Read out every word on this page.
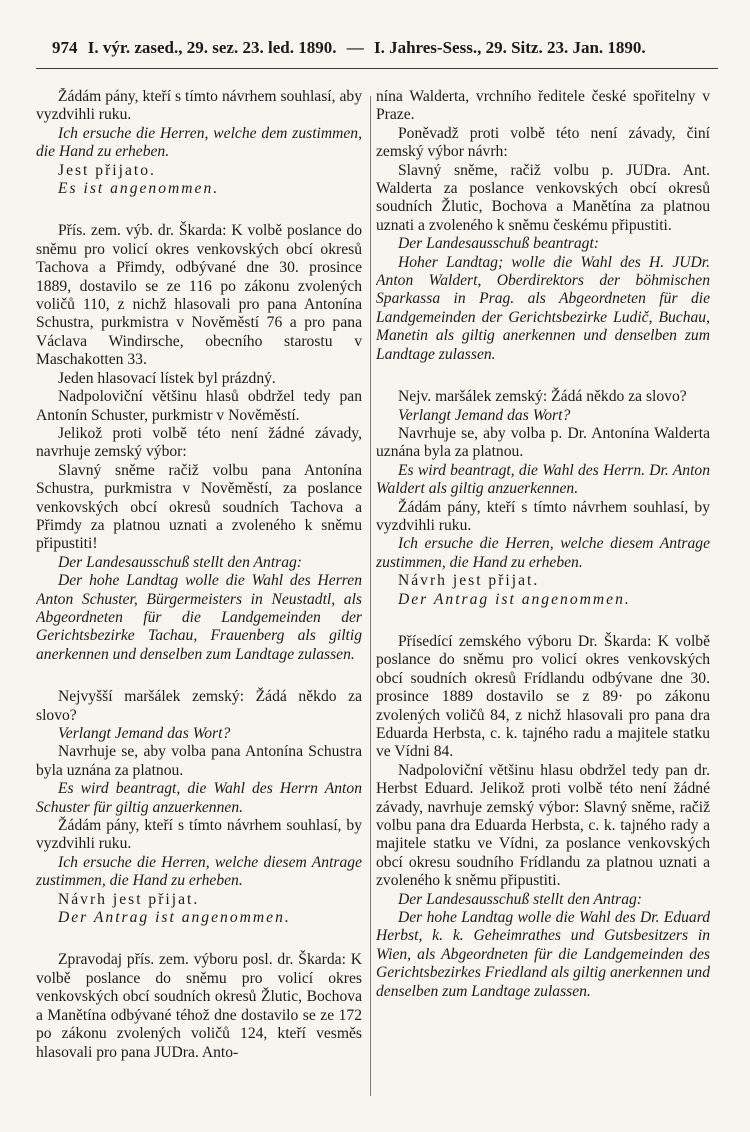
974 I. výr. zased., 29. sez. 23. led. 1890. — I. Jahres-Sess., 29. Sitz. 23. Jan. 1890.

Žádám pány, kteří s tímto návrhem souhlasí, aby vyzdvihli ruku.

Ich ersuche die Herren, welche dem zustimmen, die Hand zu erheben.

Jest přijato.

Es ist angenommen.

Přís. zem. výb. dr. Škarda: K volbě poslance do sněmu pro volicí okres venkovských obcí okresů Tachova a Přimdy, odbývané dne 30. prosince 1889, dostavilo se ze 116 po zákonu zvolených voličů 110, z nichž hlasovali pro pana Antonína Schustra, purkmistra v Nověměstí 76 a pro pana Václava Windirsche, obecního starostu v Maschakotten 33.

Jeden hlasovací lístek byl prázdný.

Nadpoloviční většinu hlasů obdržel tedy pan Antonín Schuster, purkmistr v Nověměstí.

Jelikož proti volbě této není žádné závady, navrhuje zemský výbor:

Slavný sněme račiž volbu pana Antonína Schustra, purkmistra v Nověměstí, za poslance venkovských obcí okresů soudních Tachova a Přimdy za platnou uznati a zvoleného k sněmu připustiti!

Der Landesausschuß stellt den Antrag:

Der hohe Landtag wolle die Wahl des Herren Anton Schuster, Bürgermeisters in Neustadtl, als Abgeordneten für die Landgemeinden der Gerichtsbezirke Tachau, Frauenberg als giltig anerkennen und denselben zum Landtage zulassen.

Nejvyšší maršálek zemský: Žádá někdo za slovo?

Verlangt Jemand das Wort?

Navrhuje se, aby volba pana Antonína Schustra byla uznána za platnou.

Es wird beantragt, die Wahl des Herrn Anton Schuster für giltig anzuerkennen.

Žádám pány, kteří s tímto návrhem souhlasí, by vyzdvihli ruku.

Ich ersuche die Herren, welche diesem Antrage zustimmen, die Hand zu erheben.

Návrh jest přijat.

Der Antrag ist angenommen.

Zpravodaj přís. zem. výboru posl. dr. Škarda: K volbě poslance do sněmu pro volicí okres venkovských obcí soudních okresů Žlutic, Bochova a Manětína odbývané téhož dne dostavilo se ze 172 po zákonu zvolených voličů 124, kteří vesměs hlasovali pro pana JUDra. Anto-

nína Walderta, vrchního ředitele české spořitelny v Praze.

Poněvadž proti volbě této není závady, činí zemský výbor návrh:

Slavný sněme, račiž volbu p. JUDra. Ant. Walderta za poslance venkovských obcí okresů soudních Žlutic, Bochova a Manětína za platnou uznati a zvoleného k sněmu českému připustiti.

Der Landesausschuß beantragt:

Hoher Landtag; wolle die Wahl des H. JUDr. Anton Waldert, Oberdirektors der böhmischen Sparkassa in Prag. als Abgeordneten für die Landgemeinden der Gerichtsbezirke Ludič, Buchau, Manetin als giltig anerkennen und denselben zum Landtage zulassen.

Nejv. maršálek zemský: Žádá někdo za slovo?

Verlangt Jemand das Wort?

Navrhuje se, aby volba p. Dr. Antonína Walderta uznána byla za platnou.

Es wird beantragt, die Wahl des Herrn. Dr. Anton Waldert als giltig anzuerkennen.

Žádám pány, kteří s tímto návrhem souhlasí, by vyzdvihli ruku.

Ich ersuche die Herren, welche diesem Antrage zustimmen, die Hand zu erheben.

Návrh jest přijat.

Der Antrag ist angenommen.

Přísedící zemského výboru Dr. Škarda: K volbě poslance do sněmu pro volicí okres venkovských obcí soudních okresů Frídlandu odbývane dne 30. prosince 1889 dostavilo se z 89· po zákonu zvolených voličů 84, z nichž hlasovali pro pana dra Eduarda Herbsta, c. k. tajného radu a majitele statku ve Vídni 84.

Nadpoloviční většinu hlasu obdržel tedy pan dr. Herbst Eduard. Jelikož proti volbě této není žádné závady, navrhuje zemský výbor: Slavný sněme, račiž volbu pana dra Eduarda Herbsta, c. k. tajného rady a majitele statku ve Vídni, za poslance venkovských obcí okresu soudního Frídlandu za platnou uznati a zvoleného k sněmu připustiti.

Der Landesausschuß stellt den Antrag:

Der hohe Landtag wolle die Wahl des Dr. Eduard Herbst, k. k. Geheimrathes und Gutsbesitzers in Wien, als Abgeordneten für die Landgemeinden des Gerichtsbezirkes Friedland als giltig anerkennen und denselben zum Landtage zulassen.
